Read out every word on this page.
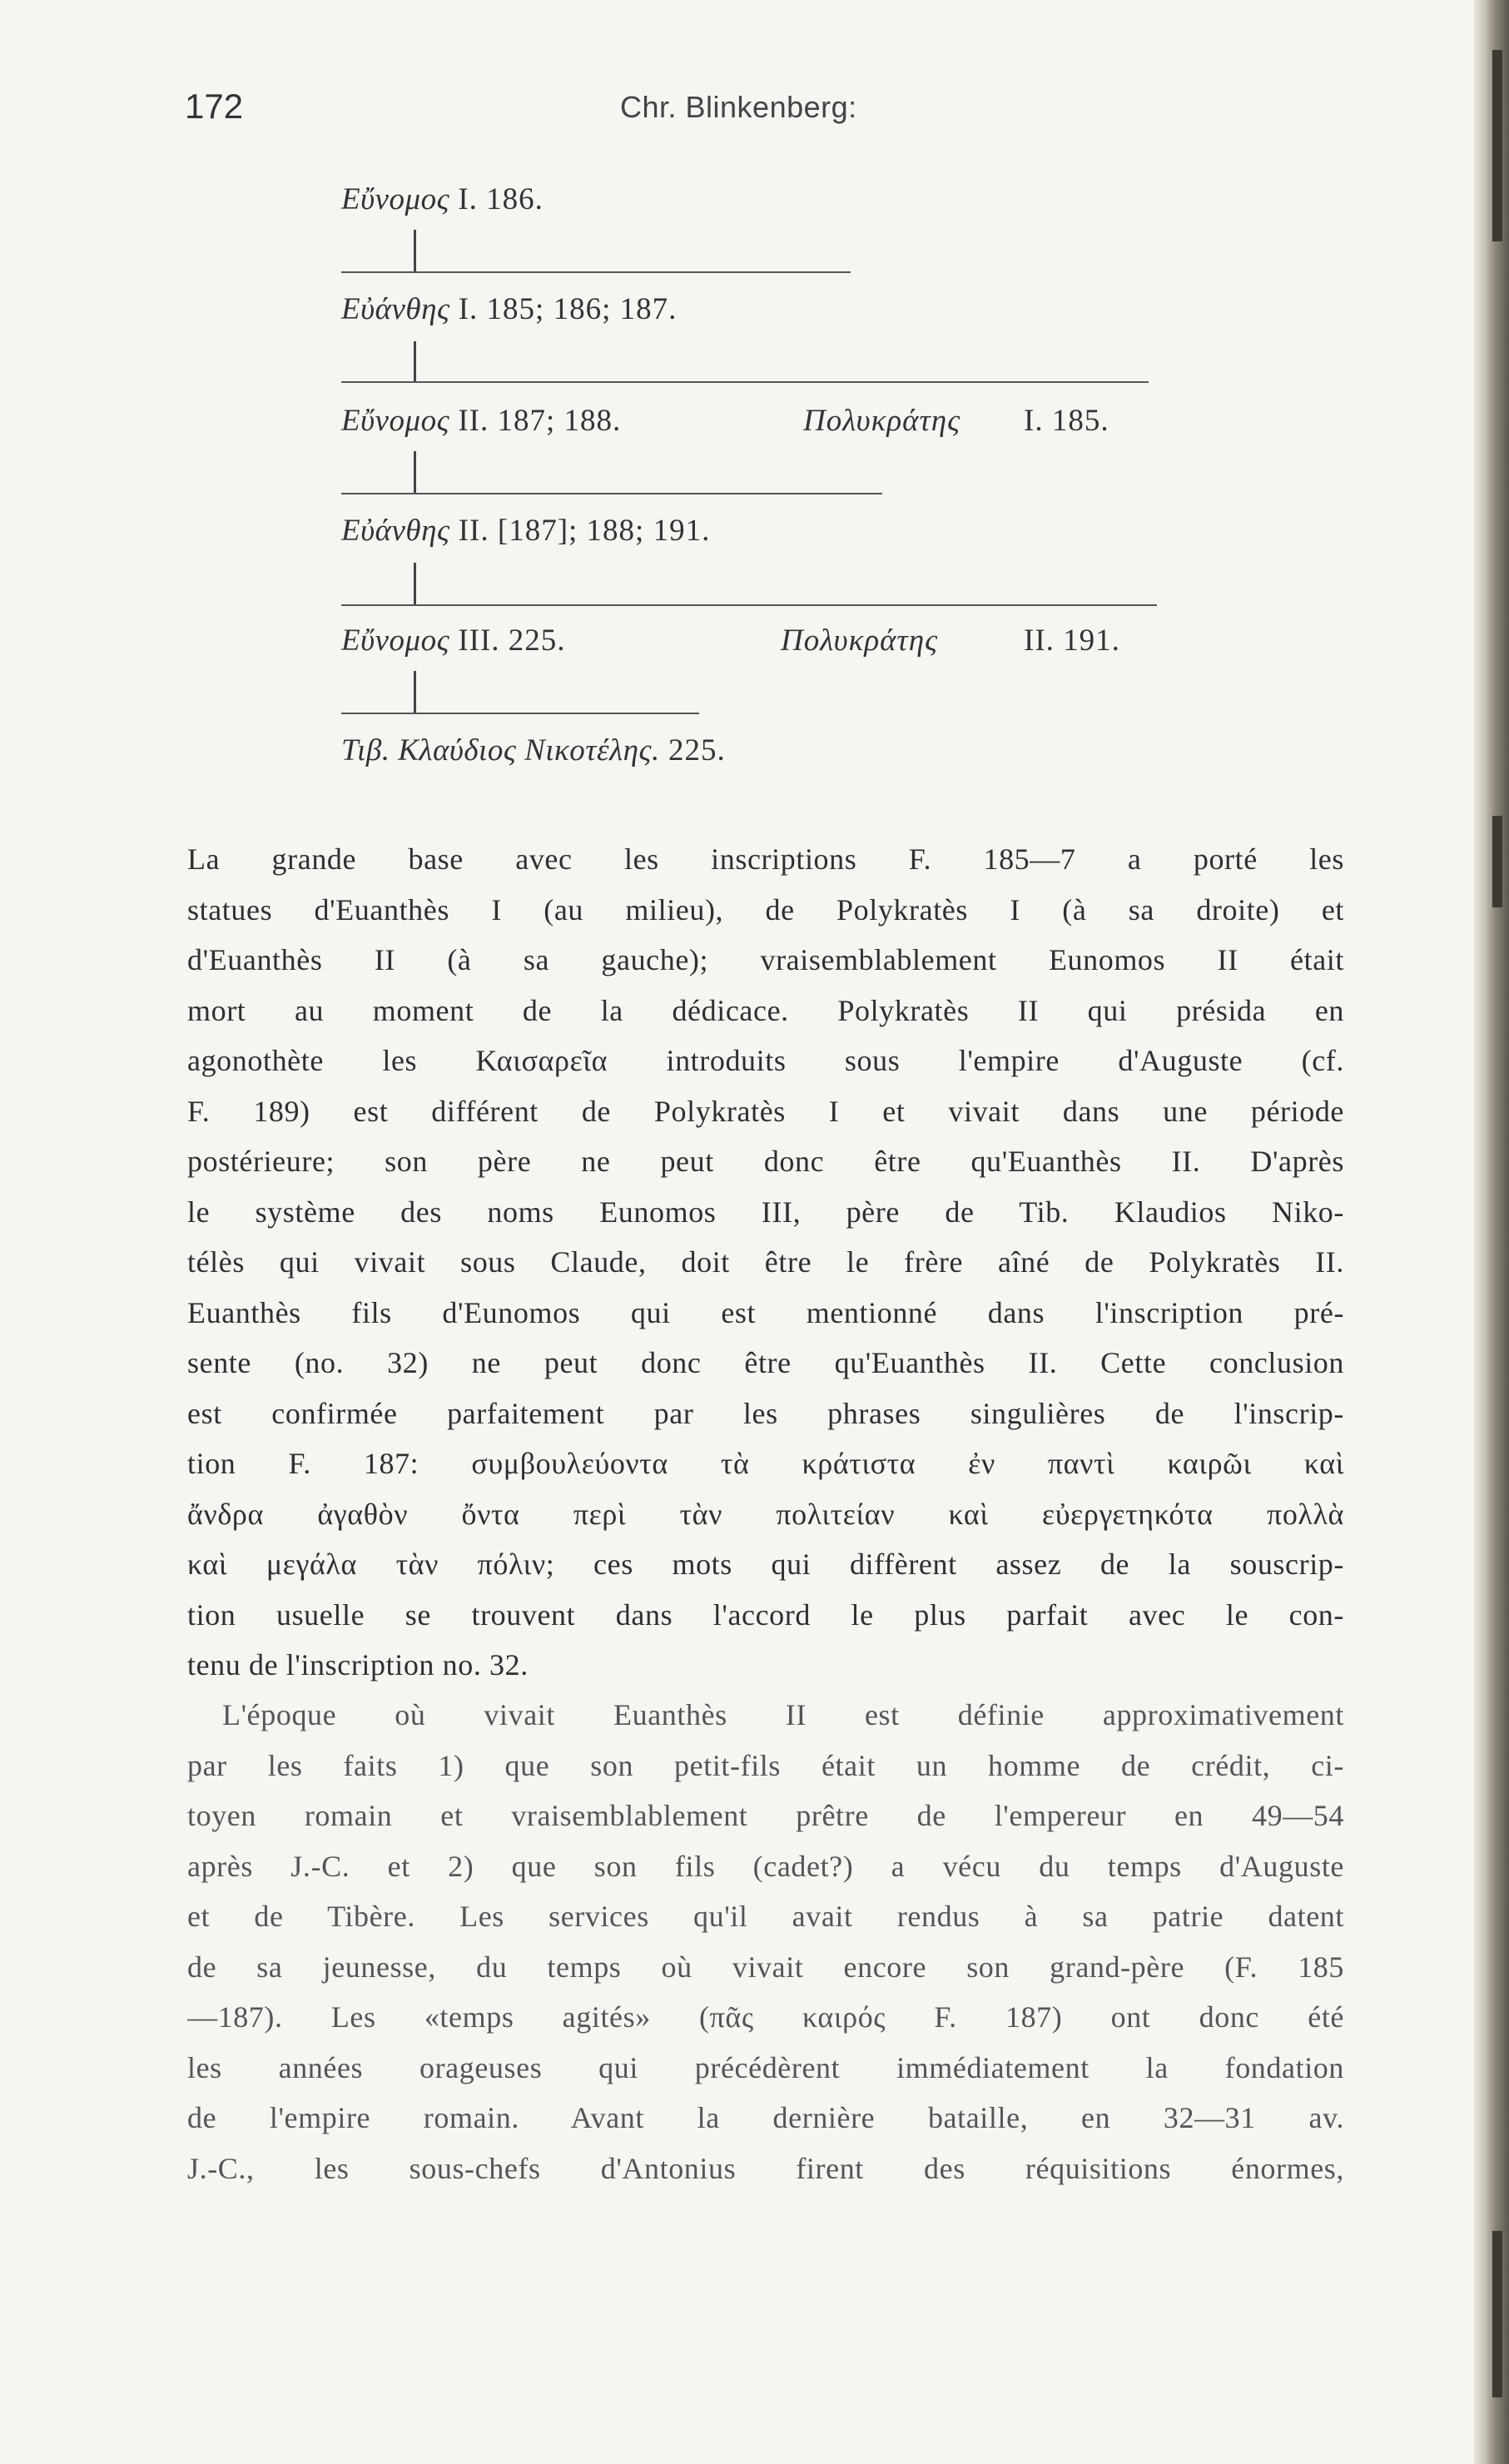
172	Chr. Blinkenberg:
Εὔνομος I. 186.
Εὐάνθης I. 185; 186; 187.
Εὔνομος II. 187; 188.	Πολυκράτης I. 185.
Εὐάνθης II. [187]; 188; 191.
Εὔνομος III. 225.	Πολυκράτης	II. 191.
Τιβ. Κλαύδιος Νικοτέλης. 225.
La grande base avec les inscriptions F. 185—7 a porté les
statues d'Euanthès I (au milieu), de Polykratès I (à sa droite) et
d'Euanthès II (à sa gauche); vraisemblablement Eunomos II était
mort au moment de la dédicace. Polykratès II qui présida en
agonothète les Καισαρεῖα introduits sous l'empire d'Auguste (cf.
F. 189) est différent de Polykratès I et vivait dans une période
postérieure; son père ne peut donc être qu'Euanthès II. D'après
le système des noms Eunomos III, père de Tib. Klaudios Niko-
télès qui vivait sous Claude, doit être le frère aîné de Polykratès II.
Euanthès fils d'Eunomos qui est mentionné dans l'inscription pré-
sente (no. 32) ne peut donc être qu'Euanthès II. Cette conclusion
est confirmée parfaitement par les phrases singulières de l'inscrip-
tion F. 187: συμβουλεύοντα τὰ κράτιστα ἐν παντὶ καιρῶι καὶ
ἄνδρα ἀγαθὸν ὄντα περὶ τὰν πολιτείαν καὶ εὐεργετηκότα πολλὰ
καὶ μεγάλα τὰν πόλιν; ces mots qui diffèrent assez de la souscrip-
tion usuelle se trouvent dans l'accord le plus parfait avec le con-
tenu de l'inscription no. 32.
L'époque où vivait Euanthès II est définie approximativement
par les faits 1) que son petit-fils était un homme de crédit, ci-
toyen romain et vraisemblablement prêtre de l'empereur en 49—54
après J.-C. et 2) que son fils (cadet?) a vécu du temps d'Auguste
et de Tibère. Les services qu'il avait rendus à sa patrie datent
de sa jeunesse, du temps où vivait encore son grand-père (F. 185
—187). Les «temps agités» (πᾶς καιρός F. 187) ont donc été
les années orageuses qui précédèrent immédiatement la fondation
de l'empire romain. Avant la dernière bataille, en 32—31 av.
J.-C., les sous-chefs d'Antonius firent des réquisitions énormes,
